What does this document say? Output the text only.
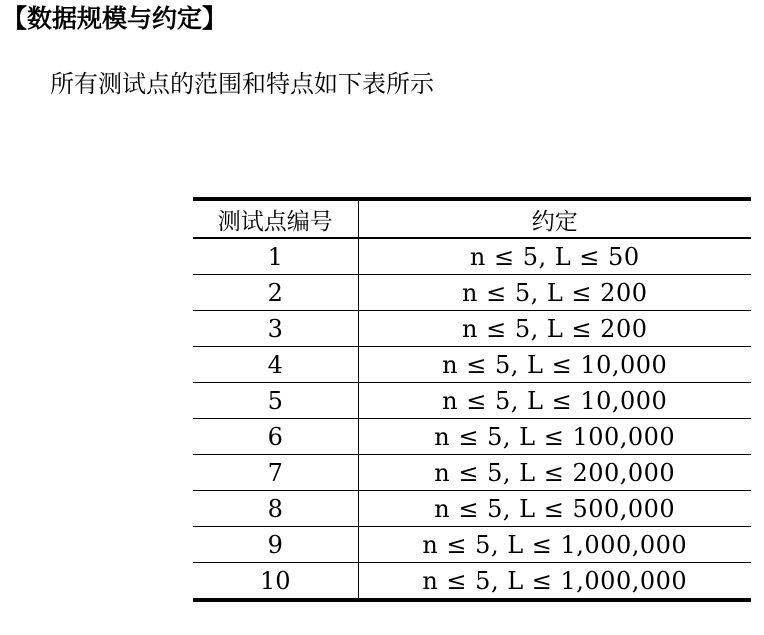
【数据规模与约定】
所有测试点的范围和特点如下表所示
测试点编号	约定
1	n ≤ 5, L ≤ 50
2	n ≤ 5, L ≤ 200
3	n ≤ 5, L ≤ 200
4	n ≤ 5, L ≤ 10,000
5	n ≤ 5, L ≤ 10,000
6	n ≤ 5, L ≤ 100,000
7	n ≤ 5, L ≤ 200,000
8	n ≤ 5, L ≤ 500,000
9	n ≤ 5, L ≤ 1,000,000
10	n ≤ 5, L ≤ 1,000,000
